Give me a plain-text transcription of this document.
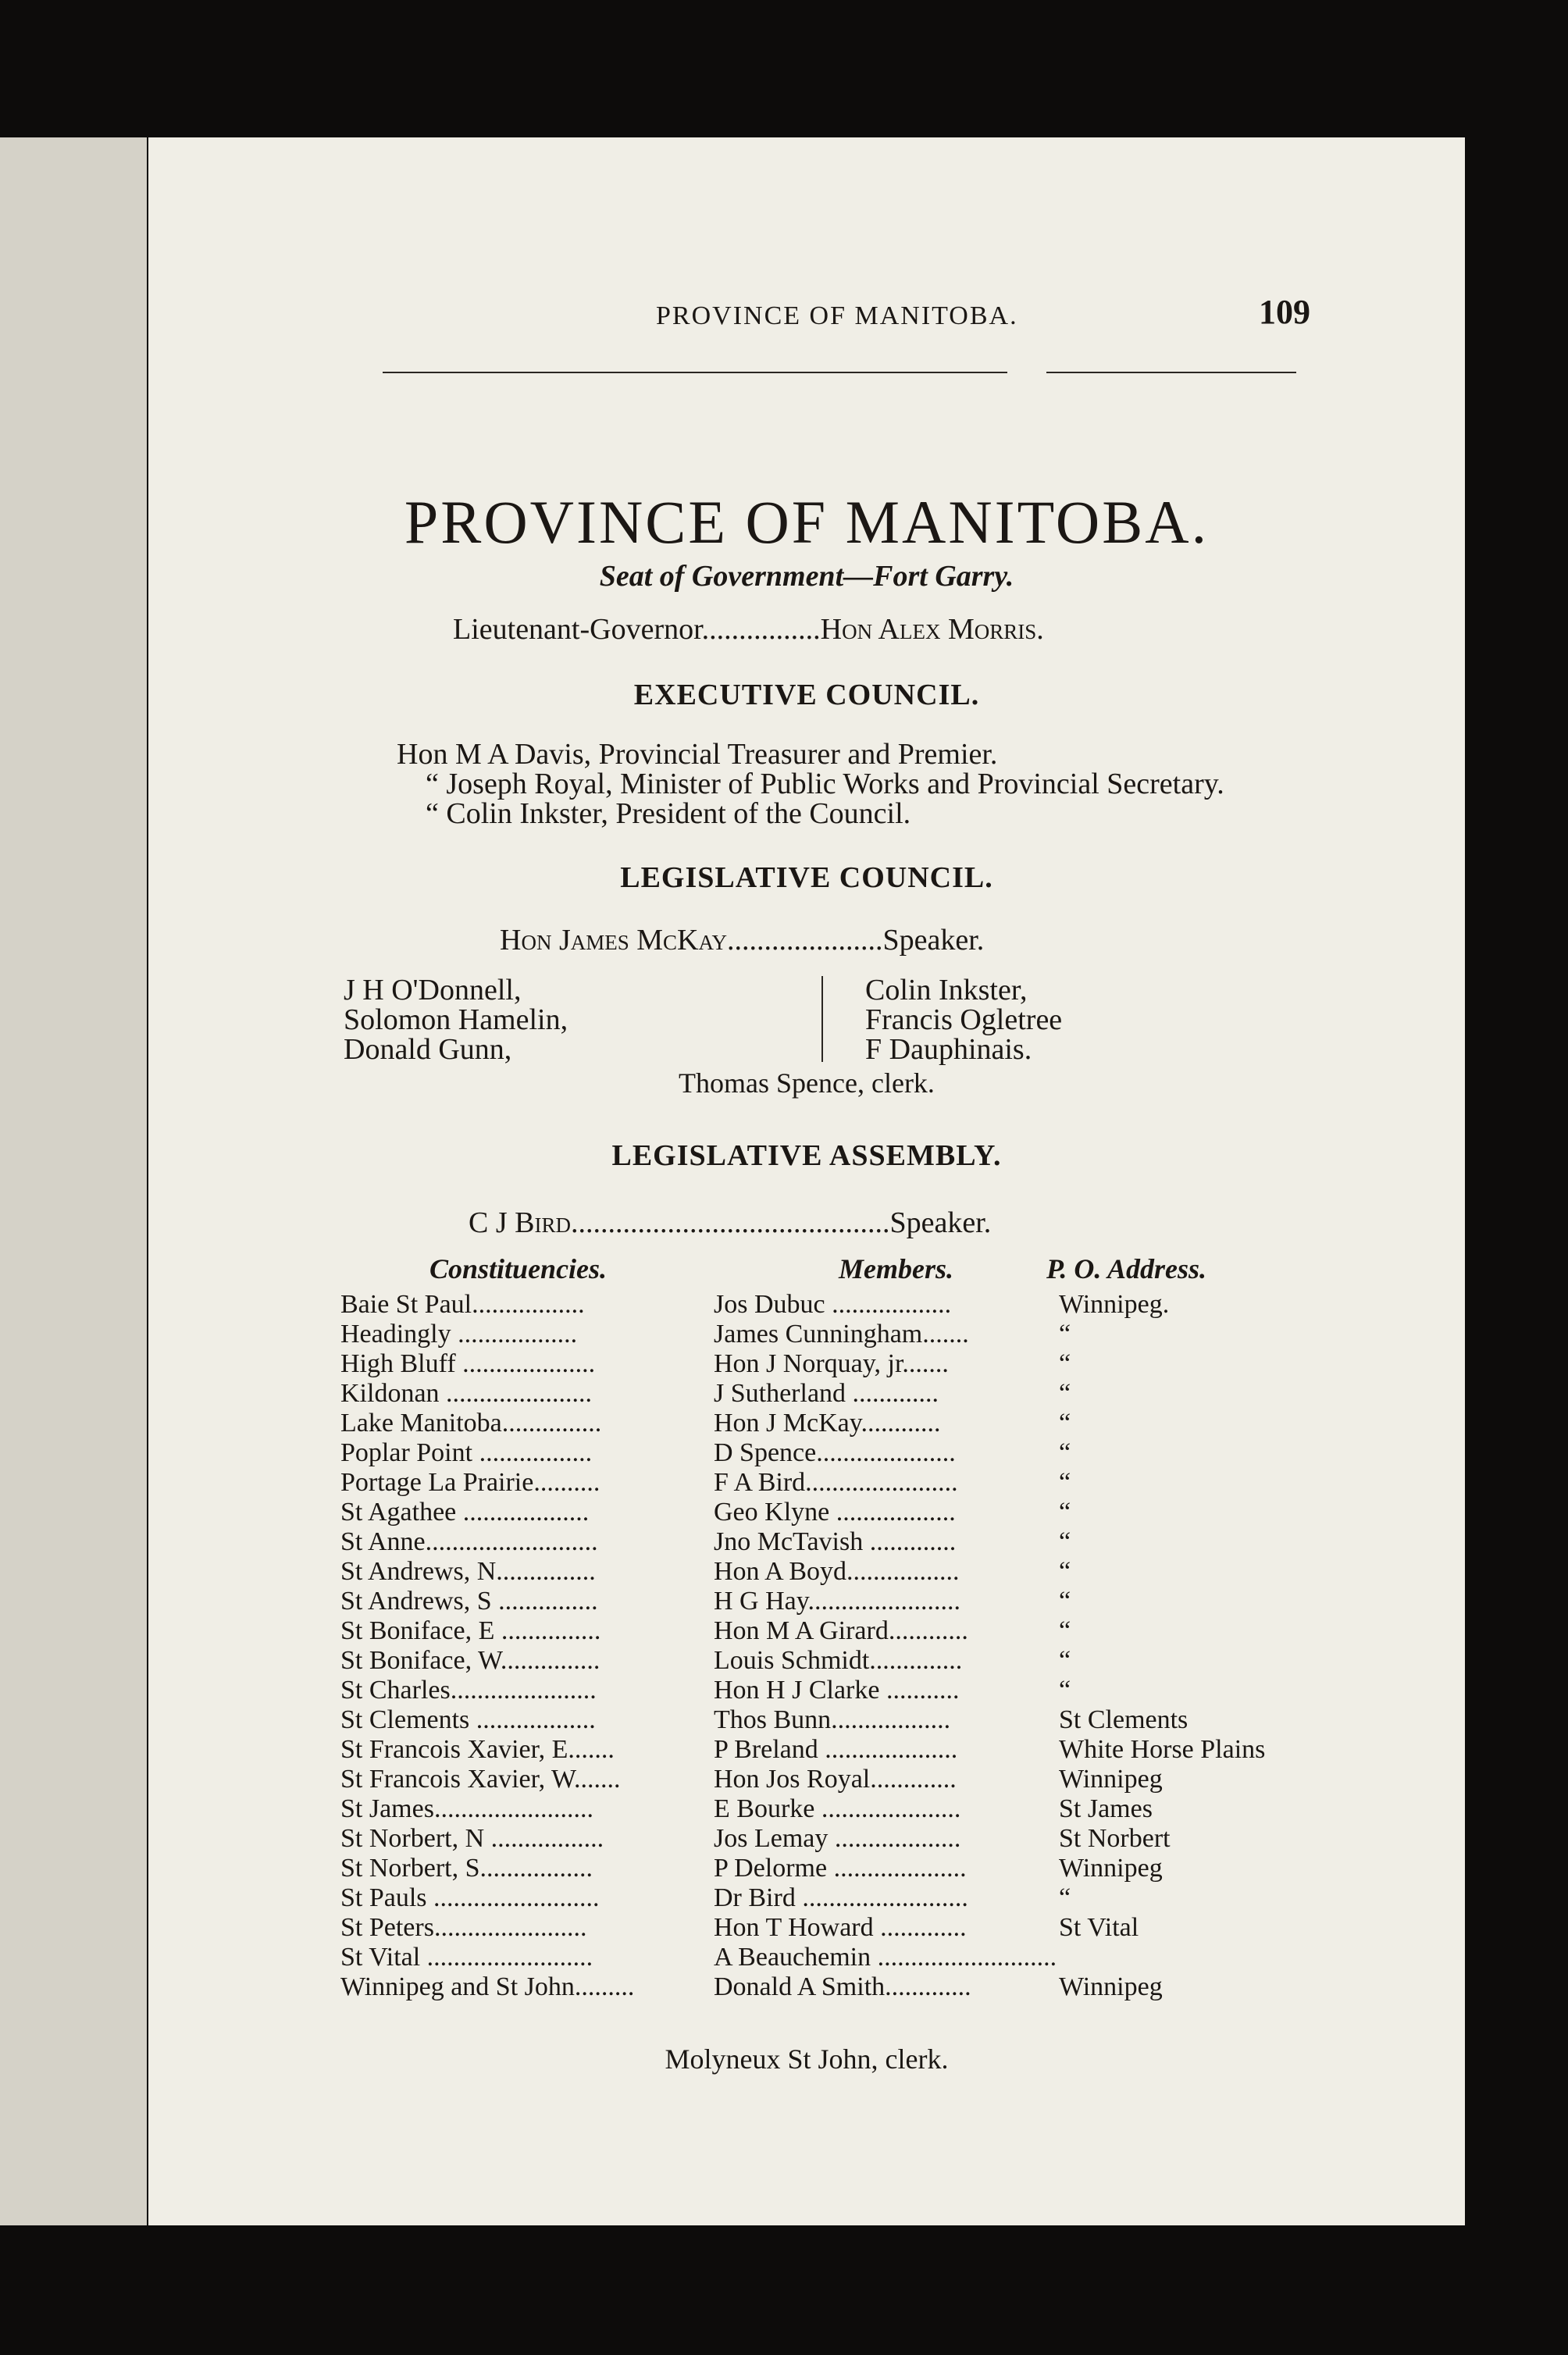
PROVINCE OF MANITOBA.	109
PROVINCE OF MANITOBA.
Seat of Government—Fort Garry.
Lieutenant-Governor................Hon Alex Morris.
EXECUTIVE COUNCIL.
Hon M A Davis, Provincial Treasurer and Premier.
“ Joseph Royal, Minister of Public Works and Provincial Secretary.
“ Colin Inkster, President of the Council.
LEGISLATIVE COUNCIL.
Hon James McKay.....................Speaker.
J H O'Donnell,
Solomon Hamelin,
Donald Gunn,
Colin Inkster,
Francis Ogletree
F Dauphinais.
Thomas Spence, clerk.
LEGISLATIVE ASSEMBLY.
C J Bird...........................................Speaker.
Constituencies.	Members.	P. O. Address.
Baie St Paul.................	Jos Dubuc ..................	Winnipeg.
Headingly ..................	James Cunningham.......	“
High Bluff ....................	Hon J Norquay, jr.......	“
Kildonan ......................	J Sutherland .............	“
Lake Manitoba...............	Hon J McKay............	“
Poplar Point .................	D Spence.....................	“
Portage La Prairie..........	F A Bird.......................	“
St Agathee ...................	Geo Klyne ..................	“
St Anne..........................	Jno McTavish .............	“
St Andrews, N...............	Hon A Boyd.................	“
St Andrews, S ...............	H G Hay.......................	“
St Boniface, E ...............	Hon M A Girard............	“
St Boniface, W...............	Louis Schmidt..............	“
St Charles......................	Hon H J Clarke ...........	“
St Clements ..................	Thos Bunn..................	St Clements
St Francois Xavier, E.......	P Breland ....................	White Horse Plains
St Francois Xavier, W.......	Hon Jos Royal.............	Winnipeg
St James........................	E Bourke .....................	St James
St Norbert, N .................	Jos Lemay ...................	St Norbert
St Norbert, S.................	P Delorme ....................	Winnipeg
St Pauls .........................	Dr Bird .........................	“
St Peters.......................	Hon T Howard .............	St Vital
St Vital .........................	A Beauchemin ...........................
Winnipeg and St John.........	Donald A Smith.............	Winnipeg
Molyneux St John, clerk.
